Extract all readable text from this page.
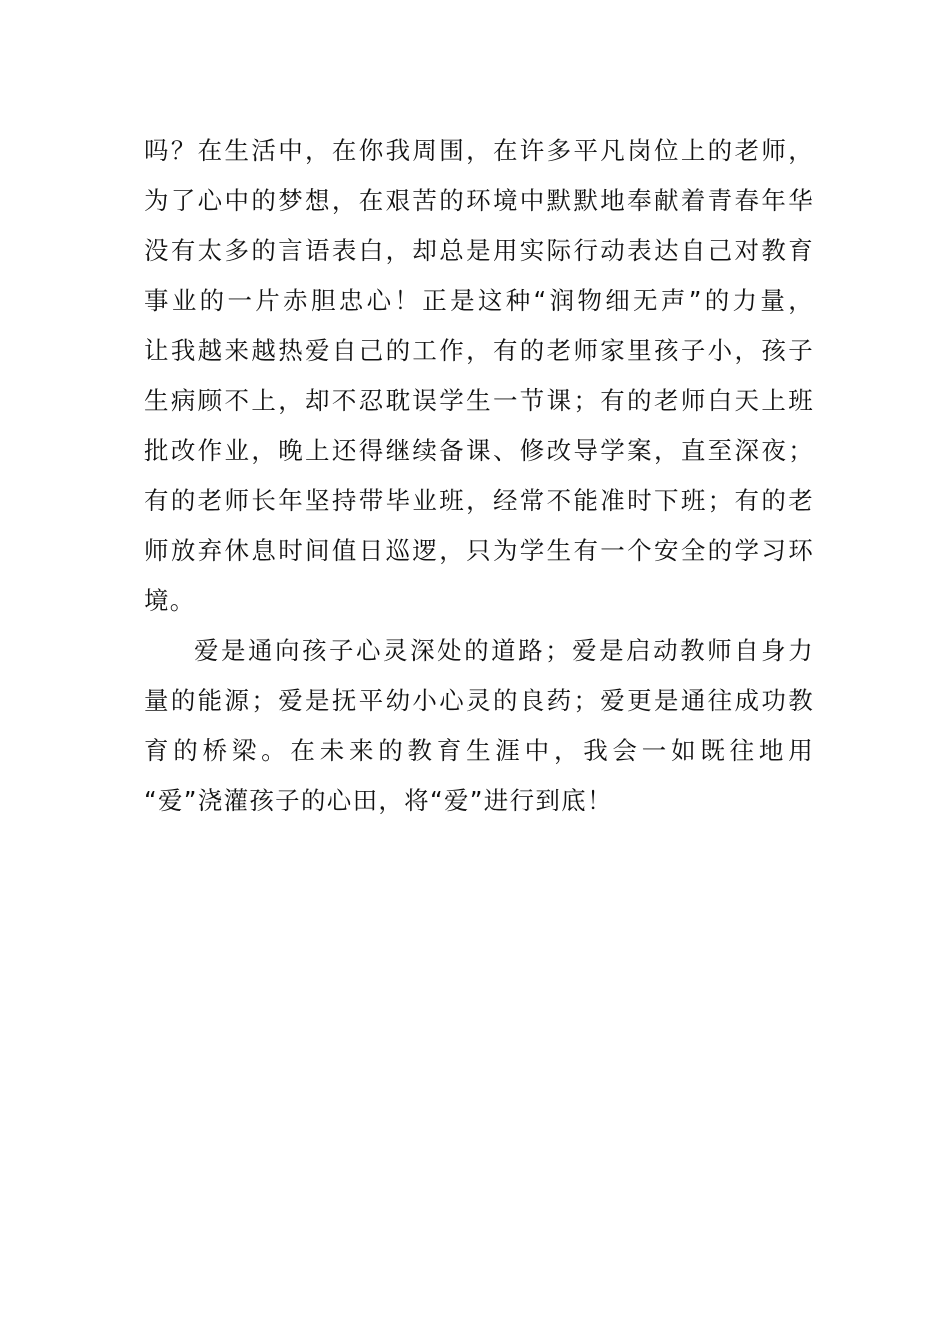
吗？在生活中，在你我周围，在许多平凡岗位上的老师，
为了心中的梦想，在艰苦的环境中默默地奉献着青春年华
没有太多的言语表白，却总是用实际行动表达自己对教育
事业的一片赤胆忠心！正是这种“润物细无声”的力量，
让我越来越热爱自己的工作，有的老师家里孩子小，孩子
生病顾不上，却不忍耽误学生一节课；有的老师白天上班
批改作业，晚上还得继续备课、修改导学案，直至深夜；
有的老师长年坚持带毕业班，经常不能准时下班；有的老
师放弃休息时间值日巡逻，只为学生有一个安全的学习环
境。
爱是通向孩子心灵深处的道路；爱是启动教师自身力
量的能源；爱是抚平幼小心灵的良药；爱更是通往成功教
育的桥梁。在未来的教育生涯中，我会一如既往地用
“爱”浇灌孩子的心田，将“爱”进行到底！
